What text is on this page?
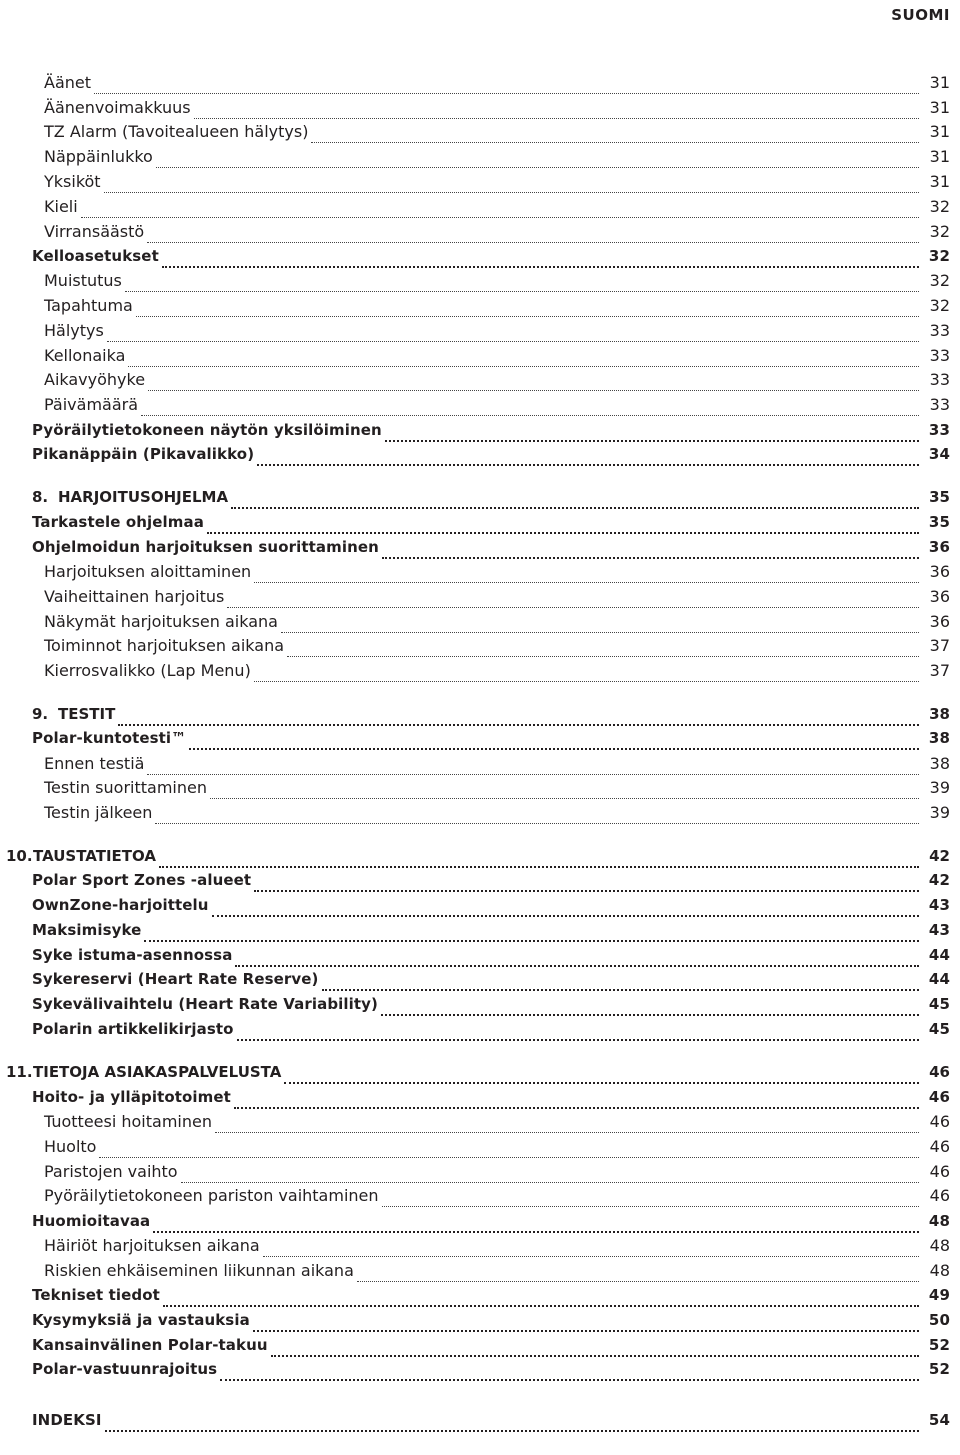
SUOMI
Äänet	31
Äänenvoimakkuus	31
TZ Alarm (Tavoitealueen hälytys)	31
Näppäinlukko	31
Yksiköt	31
Kieli	32
Virransäästö	32
Kelloasetukset	32
Muistutus	32
Tapahtuma	32
Hälytys	33
Kellonaika	33
Aikavyöhyke	33
Päivämäärä	33
Pyöräilytietokoneen näytön yksilöiminen	33
Pikanäppäin (Pikavalikko)	34
8. HARJOITUSOHJELMA	35
Tarkastele ohjelmaa	35
Ohjelmoidun harjoituksen suorittaminen	36
Harjoituksen aloittaminen	36
Vaiheittainen harjoitus	36
Näkymät harjoituksen aikana	36
Toiminnot harjoituksen aikana	37
Kierrosvalikko (Lap Menu)	37
9. TESTIT	38
Polar-kuntotesti™	38
Ennen testiä	38
Testin suorittaminen	39
Testin jälkeen	39
10. TAUSTATIETOA	42
Polar Sport Zones -alueet	42
OwnZone-harjoittelu	43
Maksimisyke	43
Syke istuma-asennossa	44
Sykereservi (Heart Rate Reserve)	44
Sykevälivaihtelu (Heart Rate Variability)	45
Polarin artikkelikirjasto	45
11. TIETOJA ASIAKASPALVELUSTA	46
Hoito- ja ylläpitotoimet	46
Tuotteesi hoitaminen	46
Huolto	46
Paristojen vaihto	46
Pyöräilytietokoneen pariston vaihtaminen	46
Huomioitavaa	48
Häiriöt harjoituksen aikana	48
Riskien ehkäiseminen liikunnan aikana	48
Tekniset tiedot	49
Kysymyksiä ja vastauksia	50
Kansainvälinen Polar-takuu	52
Polar-vastuunrajoitus	52
INDEKSI	54
